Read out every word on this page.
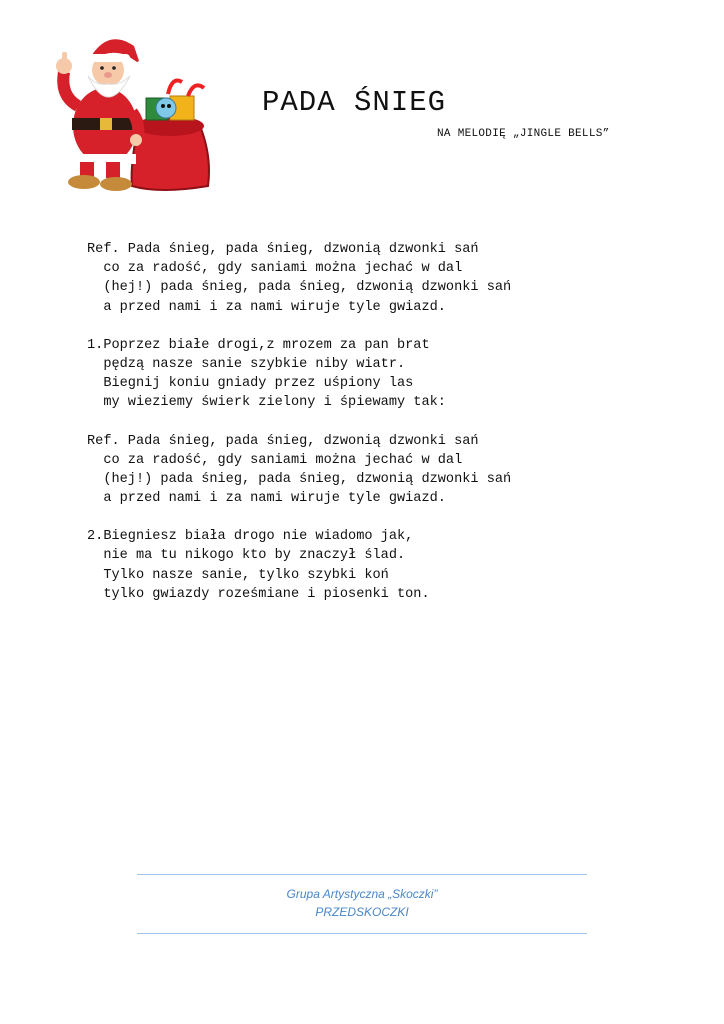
PADA ŚNIEG
NA MELODIĘ „JINGLE BELLS”
Ref. Pada śnieg, pada śnieg, dzwonią dzwonki sań
co za radość, gdy saniami można jechać w dal
(hej!) pada śnieg, pada śnieg, dzwonią dzwonki sań
a przed nami i za nami wiruje tyle gwiazd.
1.Poprzez białe drogi,z mrozem za pan brat
pędzą nasze sanie szybkie niby wiatr.
Biegnij koniu gniady przez uśpiony las
my wieziemy świerk zielony i śpiewamy tak:
Ref. Pada śnieg, pada śnieg, dzwonią dzwonki sań
co za radość, gdy saniami można jechać w dal
(hej!) pada śnieg, pada śnieg, dzwonią dzwonki sań
a przed nami i za nami wiruje tyle gwiazd.
2.Biegniesz biała drogo nie wiadomo jak,
nie ma tu nikogo kto by znaczył ślad.
Tylko nasze sanie, tylko szybki koń
tylko gwiazdy roześmiane i piosenki ton.
Grupa Artystyczna „Skoczki”
PRZEDSKOCZKI
